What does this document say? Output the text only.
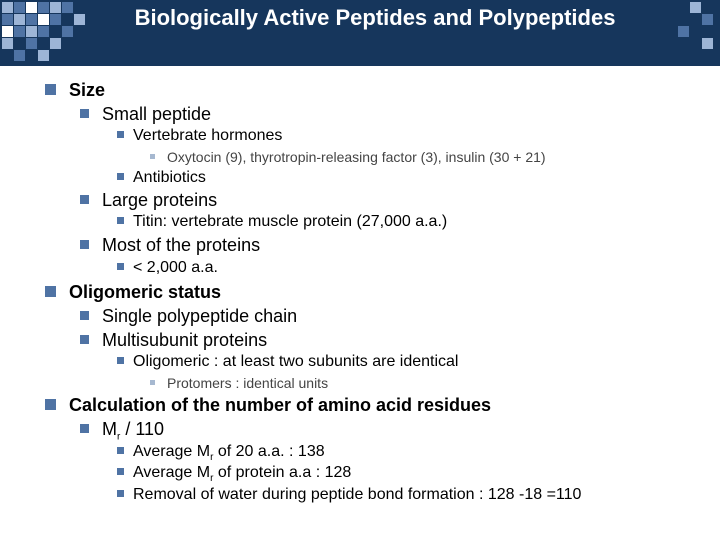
Biologically Active Peptides and Polypeptides
Size
Small peptide
Vertebrate hormones
Oxytocin (9), thyrotropin-releasing factor (3), insulin (30 + 21)
Antibiotics
Large proteins
Titin: vertebrate muscle protein (27,000 a.a.)
Most of the proteins
< 2,000 a.a.
Oligomeric status
Single polypeptide chain
Multisubunit proteins
Oligomeric : at least two subunits are identical
Protomers : identical units
Calculation of the number of amino acid residues
$M_r / 110$
Average $M_r$ of 20 a.a. : 138
Average $M_r$ of protein a.a : 128
Removal of water during peptide bond formation : 128 -18 =110
